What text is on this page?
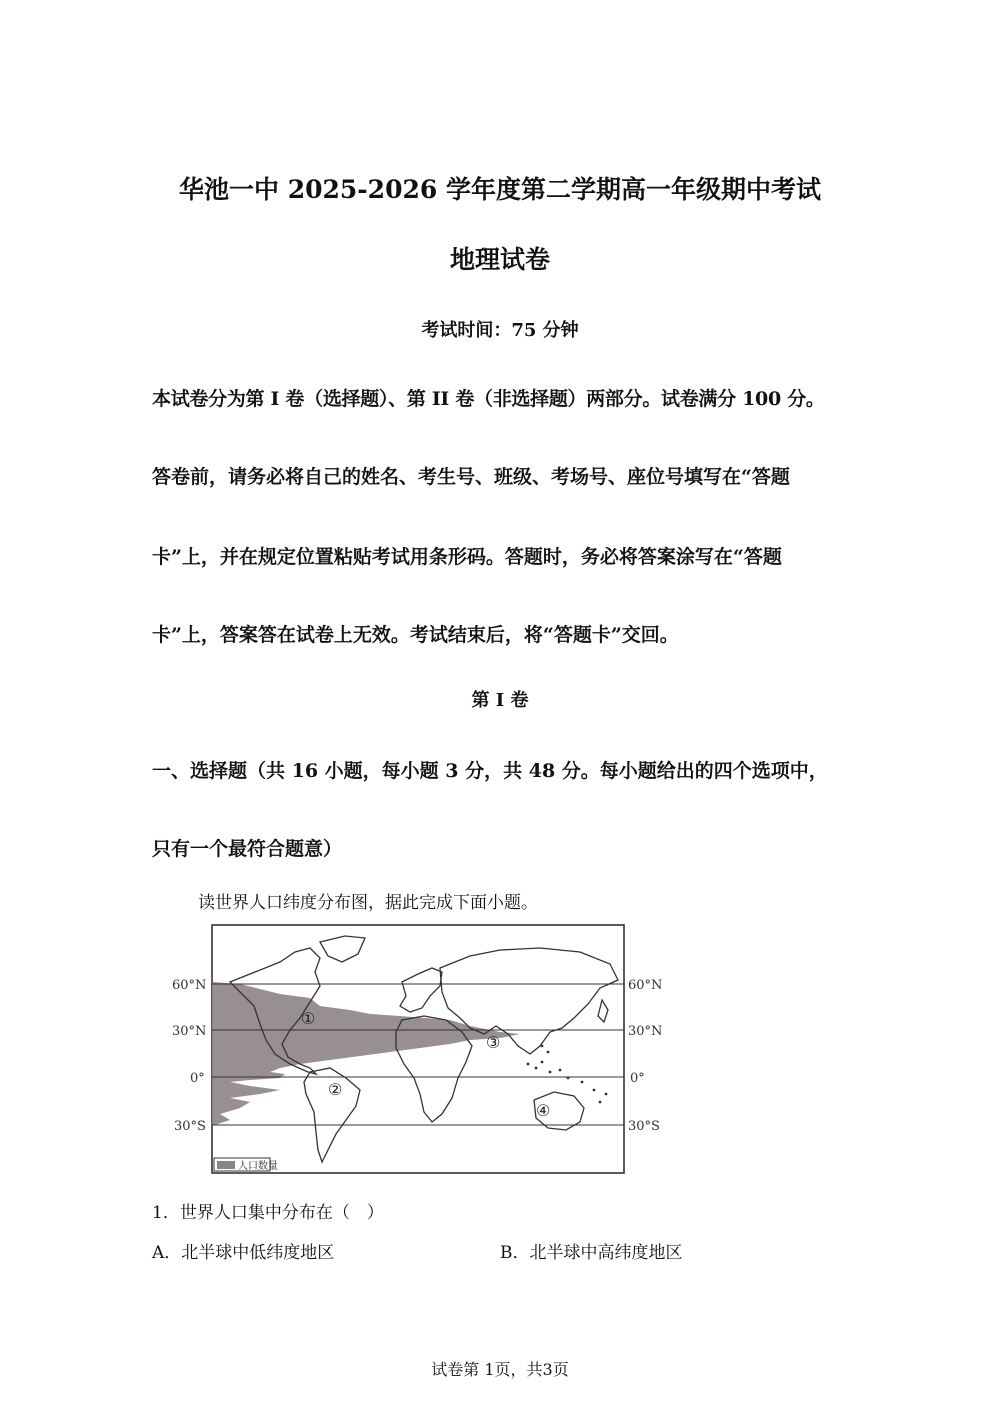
华池一中 2025-2026 学年度第二学期高一年级期中考试
地理试卷
考试时间：75 分钟
本试卷分为第 I 卷（选择题）、第 II 卷（非选择题）两部分。试卷满分 100 分。
答卷前，请务必将自己的姓名、考生号、班级、考场号、座位号填写在“答题
卡”上，并在规定位置粘贴考试用条形码。答题时，务必将答案涂写在“答题
卡”上，答案答在试卷上无效。考试结束后，将“答题卡”交回。
第 I 卷
一、选择题（共 16 小题，每小题 3 分，共 48 分。每小题给出的四个选项中，
只有一个最符合题意）
读世界人口纬度分布图，据此完成下面小题。
①
②
③
④
60°N
30°N
0°
30°S
60°N
30°N
0°
30°S
人口数量
1．世界人口集中分布在（　）
A．北半球中低纬度地区	B．北半球中高纬度地区
试卷第 1页，共3页
